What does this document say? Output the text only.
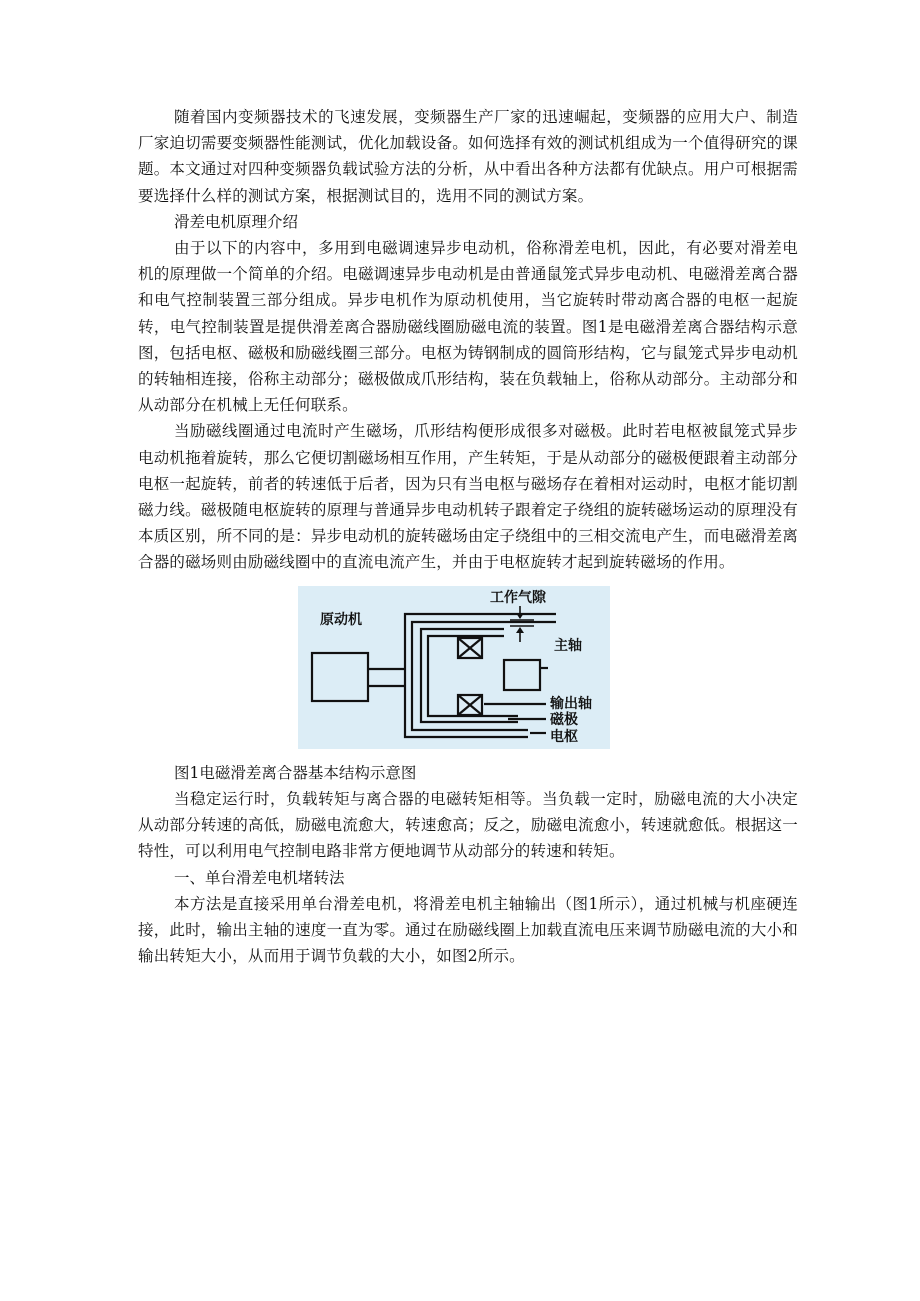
随着国内变频器技术的飞速发展，变频器生产厂家的迅速崛起，变频器的应用大户、制造厂家迫切需要变频器性能测试，优化加载设备。如何选择有效的测试机组成为一个值得研究的课题。本文通过对四种变频器负载试验方法的分析，从中看出各种方法都有优缺点。用户可根据需要选择什么样的测试方案，根据测试目的，选用不同的测试方案。

滑差电机原理介绍

由于以下的内容中，多用到电磁调速异步电动机，俗称滑差电机，因此，有必要对滑差电机的原理做一个简单的介绍。电磁调速异步电动机是由普通鼠笼式异步电动机、电磁滑差离合器和电气控制装置三部分组成。异步电机作为原动机使用，当它旋转时带动离合器的电枢一起旋转，电气控制装置是提供滑差离合器励磁线圈励磁电流的装置。图1是电磁滑差离合器结构示意图，包括电枢、磁极和励磁线圈三部分。电枢为铸钢制成的圆筒形结构，它与鼠笼式异步电动机的转轴相连接，俗称主动部分；磁极做成爪形结构，装在负载轴上，俗称从动部分。主动部分和从动部分在机械上无任何联系。

当励磁线圈通过电流时产生磁场，爪形结构便形成很多对磁极。此时若电枢被鼠笼式异步电动机拖着旋转，那么它便切割磁场相互作用，产生转矩，于是从动部分的磁极便跟着主动部分电枢一起旋转，前者的转速低于后者，因为只有当电枢与磁场存在着相对运动时，电枢才能切割磁力线。磁极随电枢旋转的原理与普通异步电动机转子跟着定子绕组的旋转磁场运动的原理没有本质区别，所不同的是：异步电动机的旋转磁场由定子绕组中的三相交流电产生，而电磁滑差离合器的磁场则由励磁线圈中的直流电流产生，并由于电枢旋转才起到旋转磁场的作用。

原动机
工作气隙
主轴
输出轴
磁极
电枢
图1电磁滑差离合器基本结构示意图

当稳定运行时，负载转矩与离合器的电磁转矩相等。当负载一定时，励磁电流的大小决定从动部分转速的高低，励磁电流愈大，转速愈高；反之，励磁电流愈小，转速就愈低。根据这一特性，可以利用电气控制电路非常方便地调节从动部分的转速和转矩。

一、单台滑差电机堵转法

本方法是直接采用单台滑差电机，将滑差电机主轴输出（图1所示），通过机械与机座硬连接，此时，输出主轴的速度一直为零。通过在励磁线圈上加载直流电压来调节励磁电流的大小和输出转矩大小，从而用于调节负载的大小，如图2所示。
